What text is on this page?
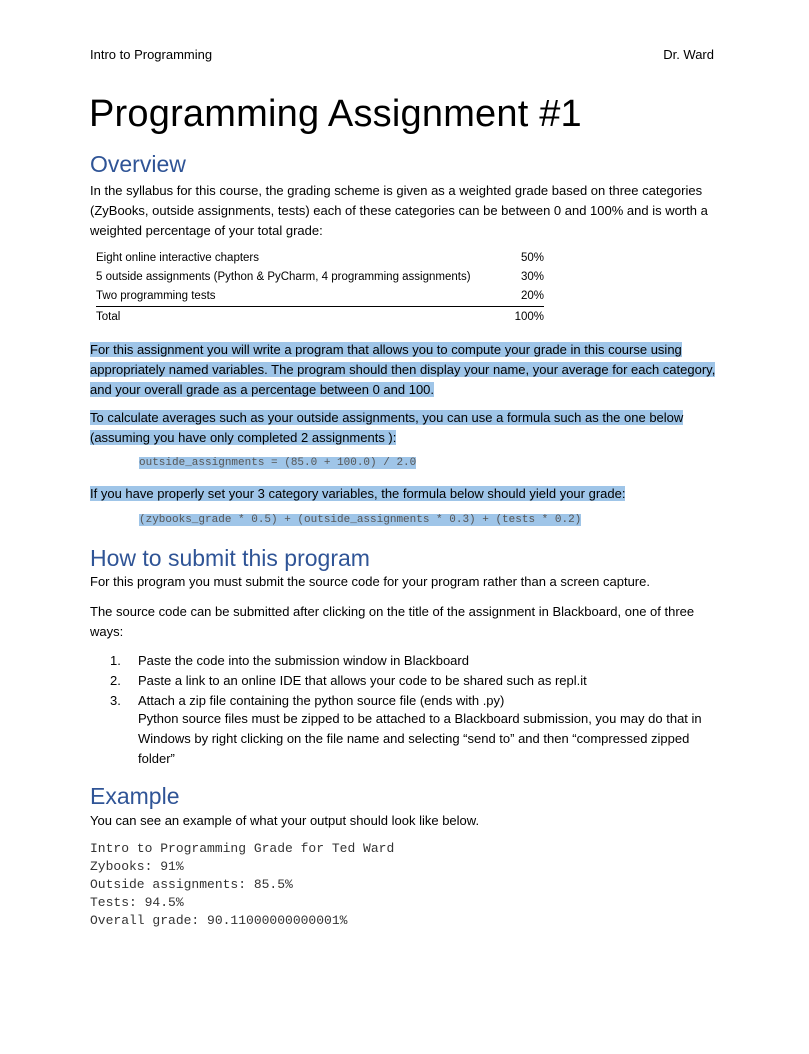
Intro to Programming	Dr. Ward
Programming Assignment #1
Overview

In the syllabus for this course, the grading scheme is given as a weighted grade based on three categories (ZyBooks, outside assignments, tests) each of these categories can be between 0 and 100% and is worth a weighted percentage of your total grade:

Eight online interactive chapters	50%
5 outside assignments (Python & PyCharm, 4 programming assignments)	30%
Two programming tests	20%
Total	100%

For this assignment you will write a program that allows you to compute your grade in this course using appropriately named variables. The program should then display your name, your average for each category, and your overall grade as a percentage between 0 and 100.

To calculate averages such as your outside assignments, you can use a formula such as the one below (assuming you have only completed 2 assignments ):

outside_assignments = (85.0 + 100.0) / 2.0

If you have properly set your 3 category variables, the formula below should yield your grade:

(zybooks_grade * 0.5) + (outside_assignments * 0.3) + (tests * 0.2)
How to submit this program

For this program you must submit the source code for your program rather than a screen capture.

The source code can be submitted after clicking on the title of the assignment in Blackboard, one of three ways:

1.	Paste the code into the submission window in Blackboard
2.	Paste a link to an online IDE that allows your code to be shared such as repl.it
3.	Attach a zip file containing the python source file (ends with .py)
Python source files must be zipped to be attached to a Blackboard submission, you may do that in Windows by right clicking on the file name and selecting “send to” and then “compressed zipped folder”
Example

You can see an example of what your output should look like below.

Intro to Programming Grade for Ted Ward
Zybooks: 91%
Outside assignments: 85.5%
Tests: 94.5%
Overall grade: 90.11000000000001%
